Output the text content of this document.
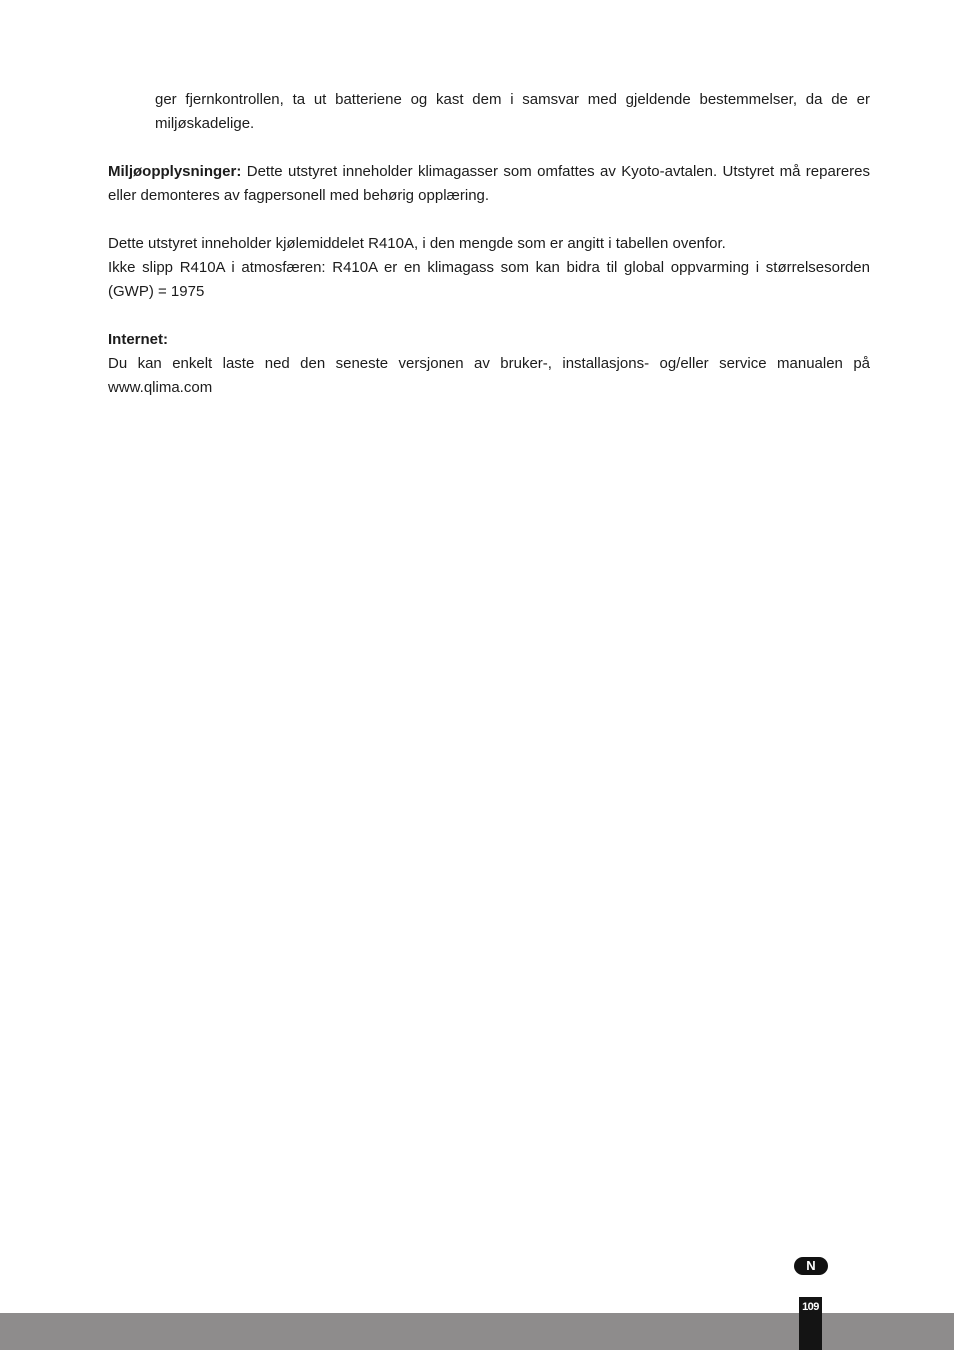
ger fjernkontrollen, ta ut batteriene og kast dem i samsvar med gjeldende bestemmelser, da de er miljøskadelige.

Miljøopplysninger: Dette utstyret inneholder klimagasser som omfattes av Kyoto-avtalen. Utstyret må repareres eller demonteres av fagpersonell med behørig opplæring.

Dette utstyret inneholder kjølemiddelet R410A, i den mengde som er angitt i tabellen ovenfor.

Ikke slipp R410A i atmosfæren: R410A er en klimagass som kan bidra til global oppvarming i størrelsesorden (GWP) = 1975

Internet:

Du kan enkelt laste ned den seneste versjonen av bruker-, installasjons- og/eller service manualen på www.qlima.com

N
109
